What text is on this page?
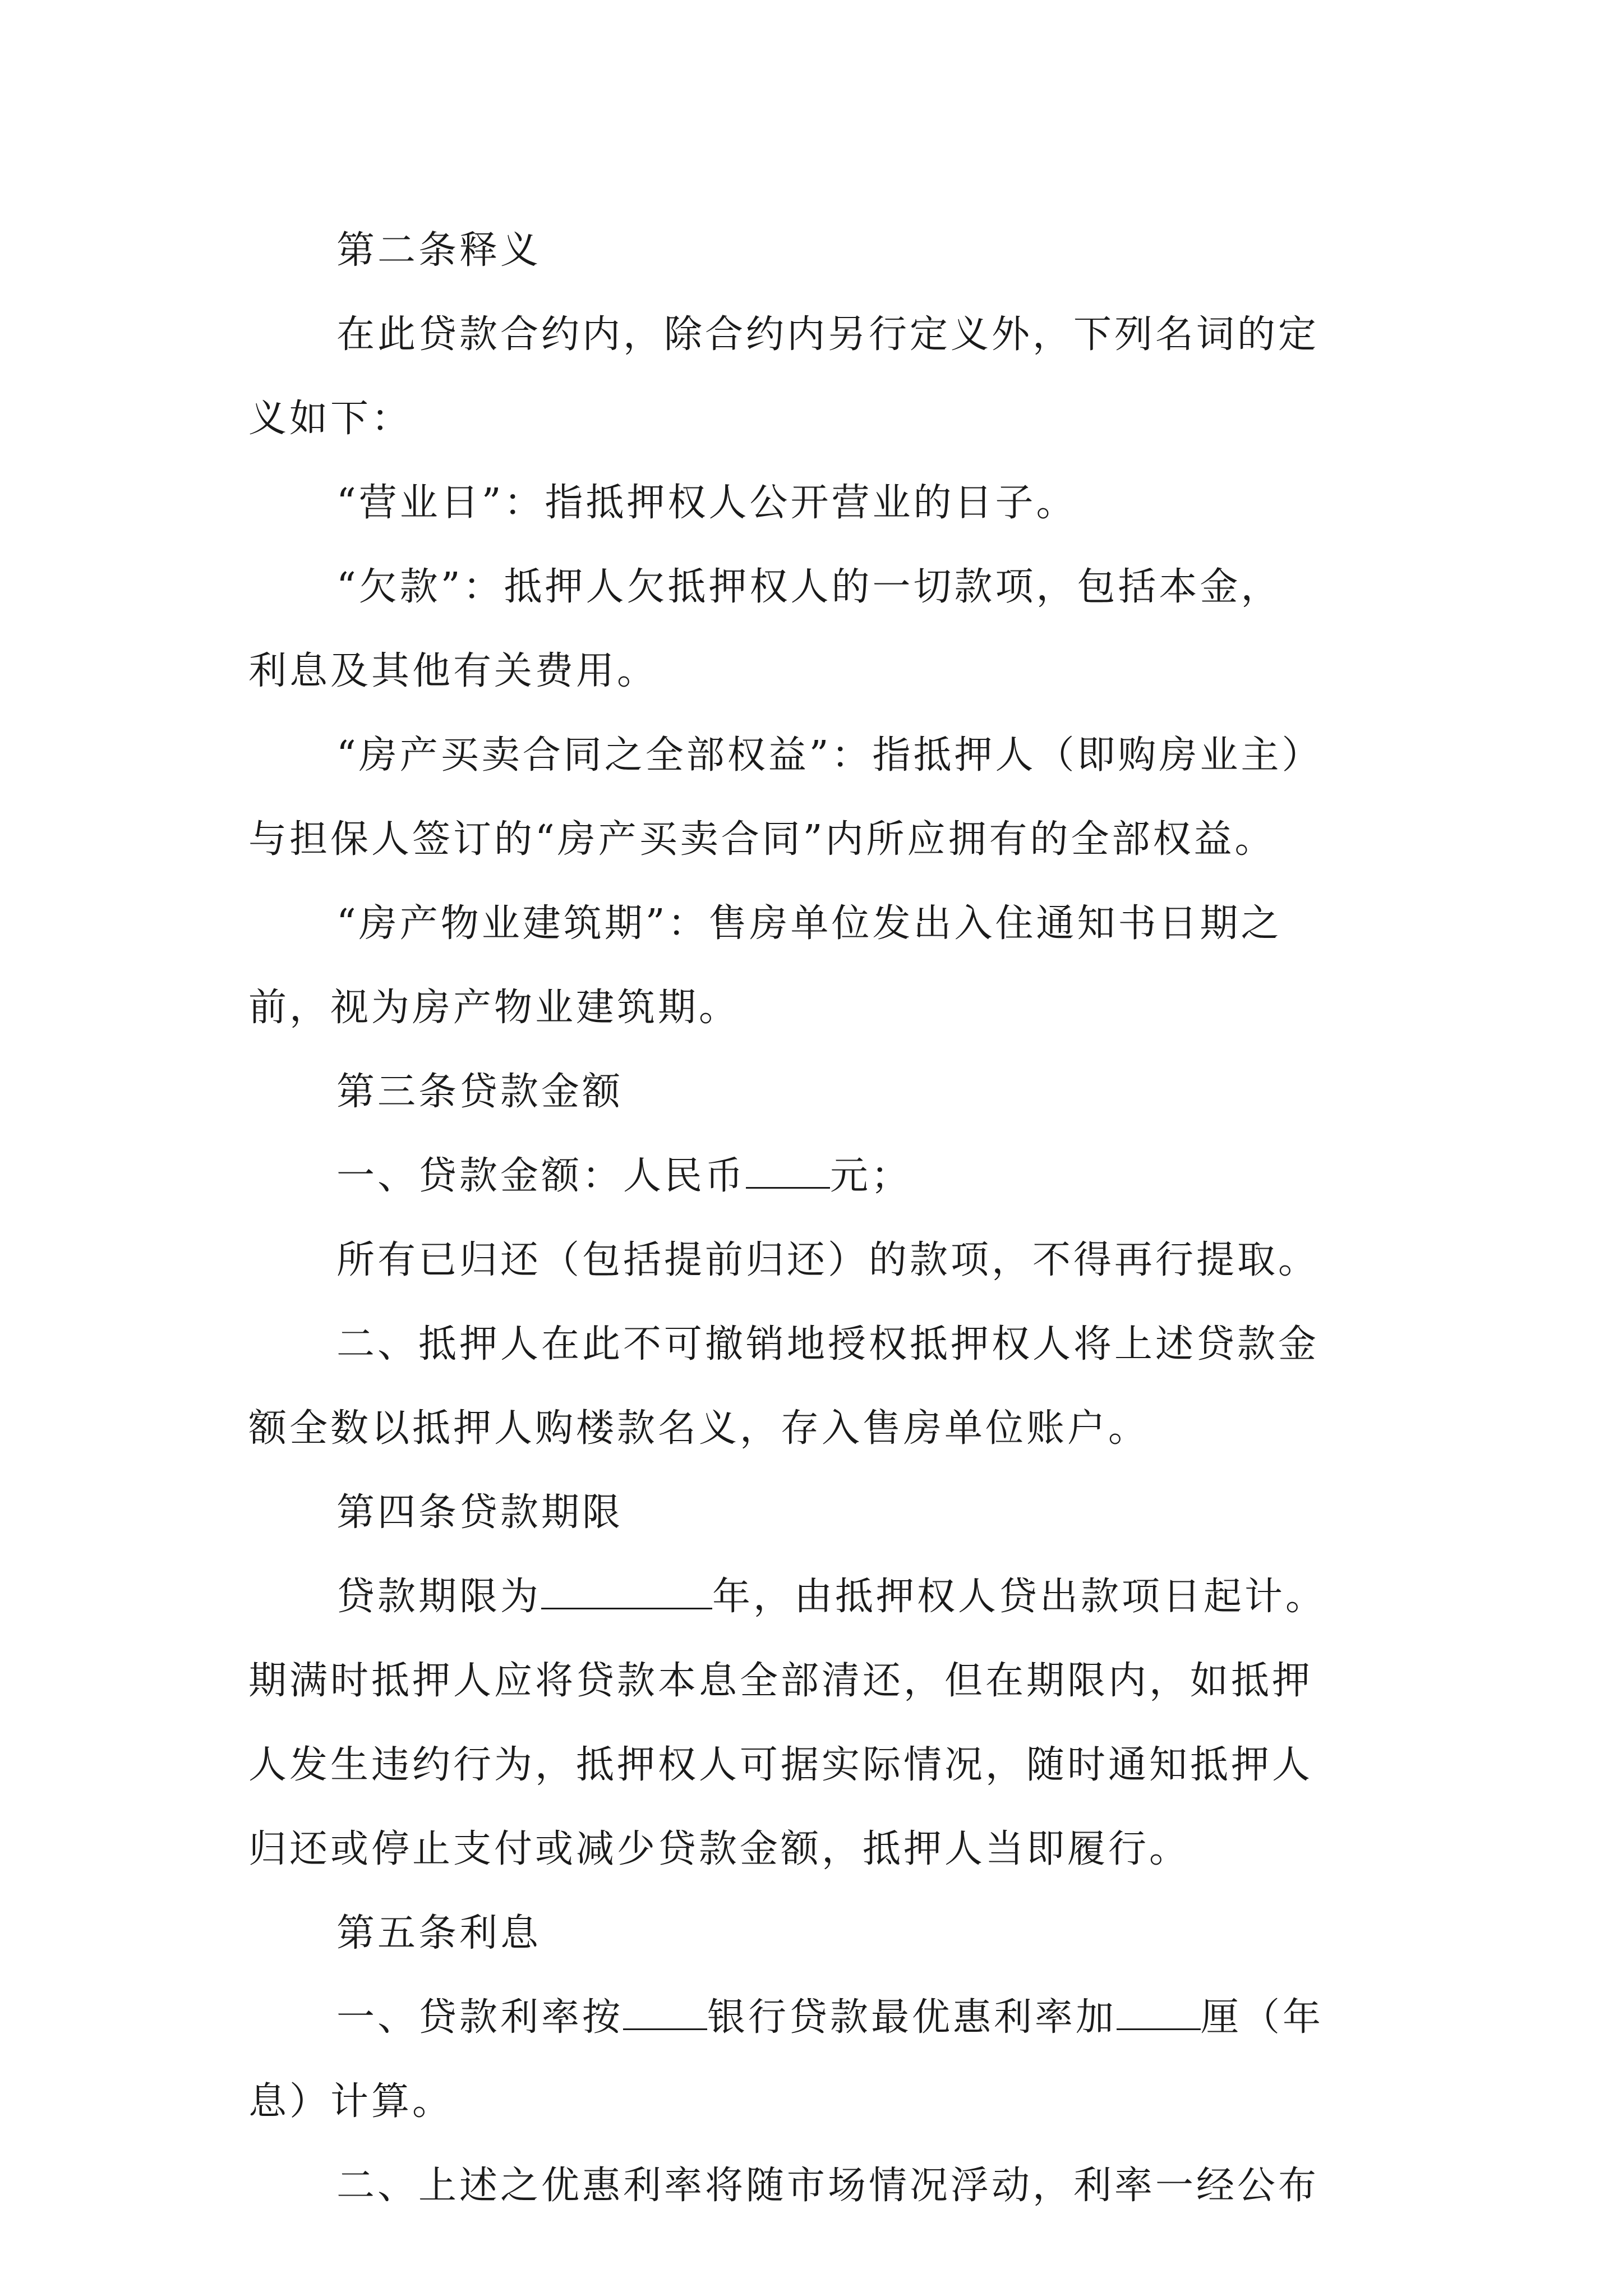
第二条释义
在此贷款合约内，除合约内另行定义外，下列名词的定
义如下：
“营业日”：指抵押权人公开营业的日子。
“欠款”：抵押人欠抵押权人的一切款项，包括本金，
利息及其他有关费用。
“房产买卖合同之全部权益”：指抵押人（即购房业主）
与担保人签订的“房产买卖合同”内所应拥有的全部权益。
“房产物业建筑期”：售房单位发出入住通知书日期之
前，视为房产物业建筑期。
第三条贷款金额
一、贷款金额：人民币 元；
所有已归还（包括提前归还）的款项，不得再行提取。
二、抵押人在此不可撤销地授权抵押权人将上述贷款金
额全数以抵押人购楼款名义，存入售房单位账户。
第四条贷款期限
贷款期限为	年，由抵押权人贷出款项日起计。
期满时抵押人应将贷款本息全部清还，但在期限内，如抵押
人发生违约行为，抵押权人可据实际情况，随时通知抵押人
归还或停止支付或减少贷款金额，抵押人当即履行。
第五条利息
一、贷款利率按 银行贷款最优惠利率加 厘（年
息）计算。
二、上述之优惠利率将随市场情况浮动，利率一经公布
